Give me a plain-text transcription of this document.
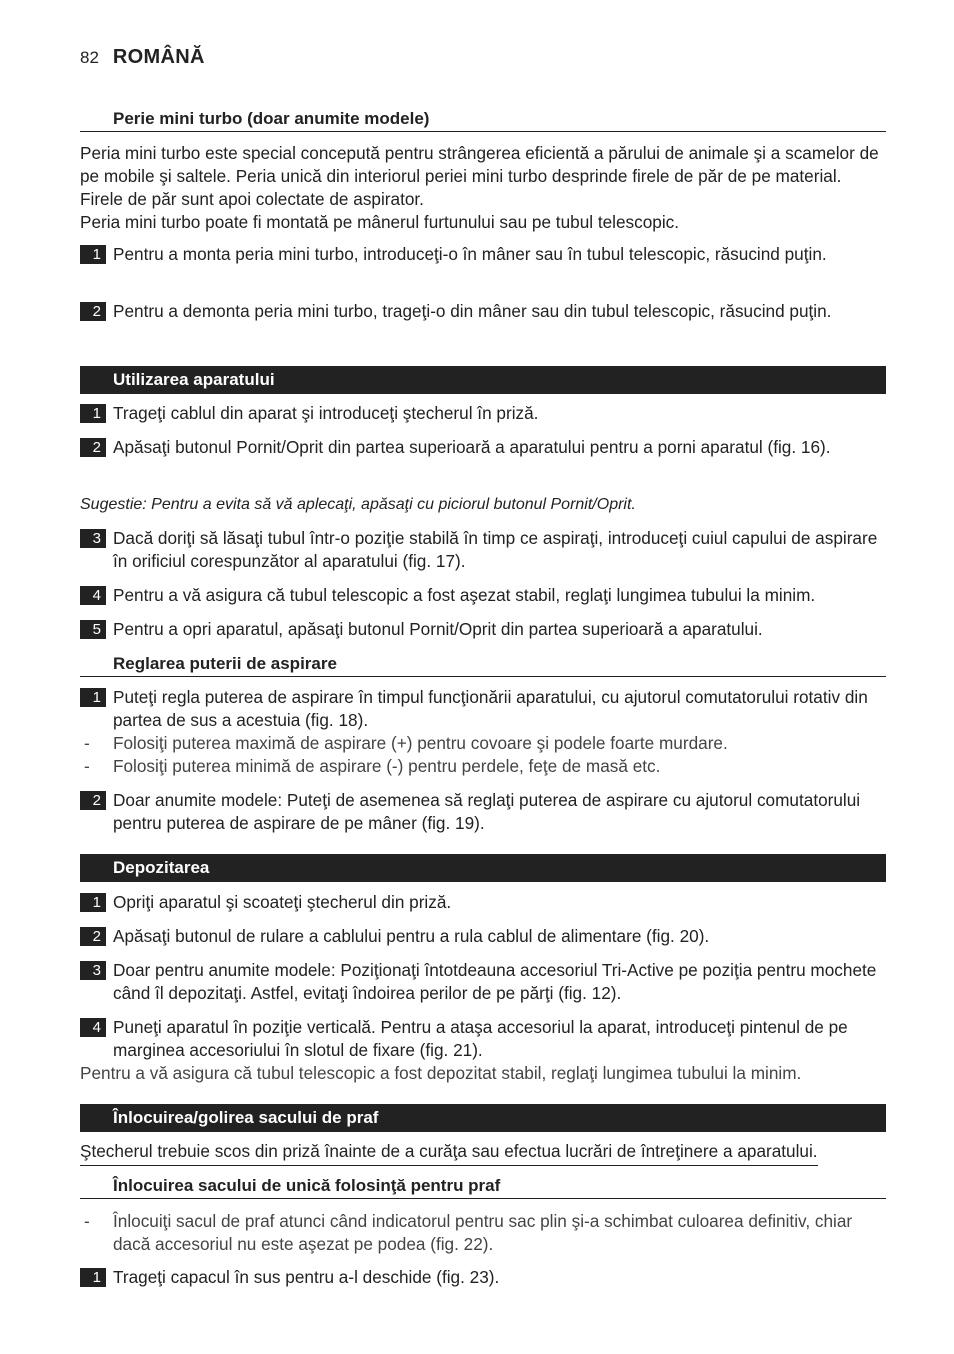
82 ROMÂNĂ
Perie mini turbo (doar anumite modele)
Peria mini turbo este special concepută pentru strângerea eficientă a părului de animale şi a scamelor de pe mobile şi saltele. Peria unică din interiorul periei mini turbo desprinde firele de păr de pe material. Firele de păr sunt apoi colectate de aspirator.
Peria mini turbo poate fi montată pe mânerul furtunului sau pe tubul telescopic.
1 Pentru a monta peria mini turbo, introduceţi-o în mâner sau în tubul telescopic, răsucind puţin.
2 Pentru a demonta peria mini turbo, trageţi-o din mâner sau din tubul telescopic, răsucind puţin.
Utilizarea aparatului
1 Trageţi cablul din aparat şi introduceţi ştecherul în priză.
2 Apăsaţi butonul Pornit/Oprit din partea superioară a aparatului pentru a porni aparatul (fig. 16).
Sugestie: Pentru a evita să vă aplecaţi, apăsaţi cu piciorul butonul Pornit/Oprit.
3 Dacă doriţi să lăsaţi tubul într-o poziţie stabilă în timp ce aspiraţi, introduceţi cuiul capului de aspirare în orificiul corespunzător al aparatului (fig. 17).
4 Pentru a vă asigura că tubul telescopic a fost aşezat stabil, reglaţi lungimea tubului la minim.
5 Pentru a opri aparatul, apăsaţi butonul Pornit/Oprit din partea superioară a aparatului.
Reglarea puterii de aspirare
1 Puteţi regla puterea de aspirare în timpul funcţionării aparatului, cu ajutorul comutatorului rotativ din partea de sus a acestuia (fig. 18).
- Folosiţi puterea maximă de aspirare (+) pentru covoare şi podele foarte murdare.
- Folosiţi puterea minimă de aspirare (-) pentru perdele, feţe de masă etc.
2 Doar anumite modele: Puteţi de asemenea să reglaţi puterea de aspirare cu ajutorul comutatorului pentru puterea de aspirare de pe mâner (fig. 19).
Depozitarea
1 Opriţi aparatul şi scoateţi ştecherul din priză.
2 Apăsaţi butonul de rulare a cablului pentru a rula cablul de alimentare (fig. 20).
3 Doar pentru anumite modele: Poziţionaţi întotdeauna accesoriul Tri-Active pe poziţia pentru mochete când îl depozitaţi. Astfel, evitaţi îndoirea perilor de pe părţi (fig. 12).
4 Puneţi aparatul în poziţie verticală. Pentru a ataşa accesoriul la aparat, introduceţi pintenul de pe marginea accesoriului în slotul de fixare (fig. 21).
Pentru a vă asigura că tubul telescopic a fost depozitat stabil, reglaţi lungimea tubului la minim.
Înlocuirea/golirea sacului de praf
Ştecherul trebuie scos din priză înainte de a curăţa sau efectua lucrări de întreţinere a aparatului.
Înlocuirea sacului de unică folosinţă pentru praf
- Înlocuiţi sacul de praf atunci când indicatorul pentru sac plin şi-a schimbat culoarea definitiv, chiar dacă accesoriul nu este aşezat pe podea (fig. 22).
1 Trageţi capacul în sus pentru a-l deschide (fig. 23).
